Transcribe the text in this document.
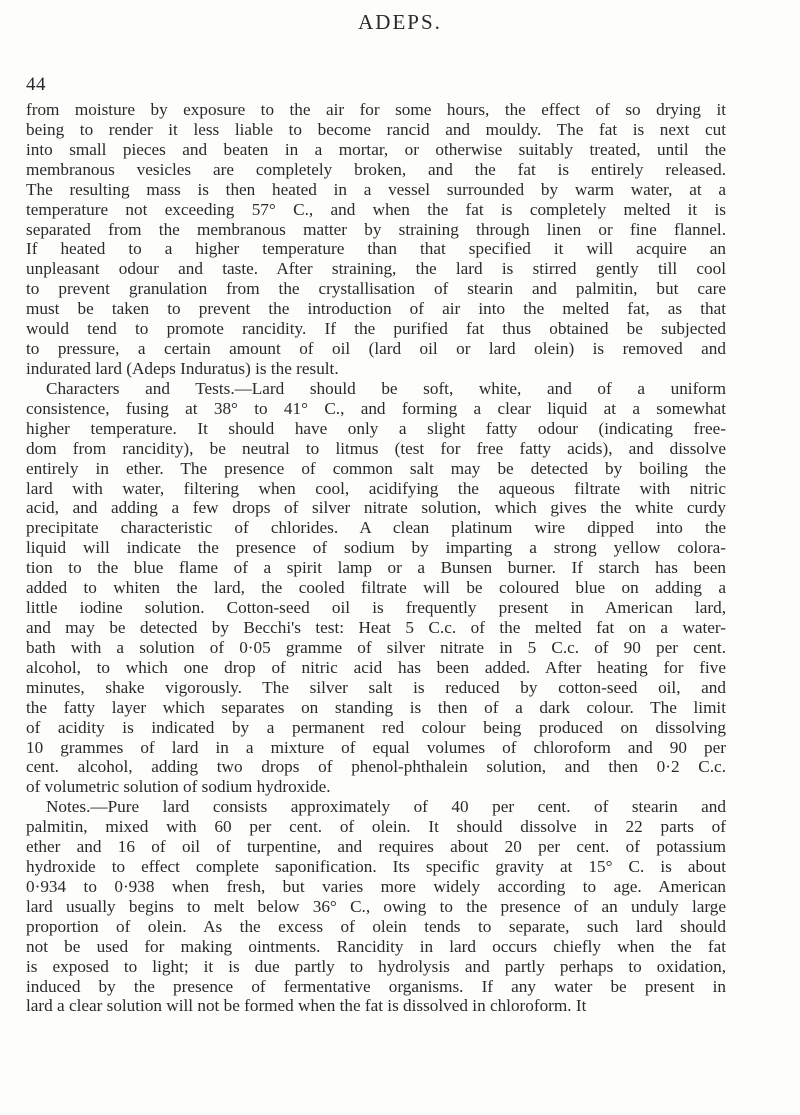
ADEPS.
44
from moisture by exposure to the air for some hours, the effect of so drying it
being to render it less liable to become rancid and mouldy. The fat is next cut
into small pieces and beaten in a mortar, or otherwise suitably treated, until the
membranous vesicles are completely broken, and the fat is entirely released.
The resulting mass is then heated in a vessel surrounded by warm water, at a
temperature not exceeding 57° C., and when the fat is completely melted it is
separated from the membranous matter by straining through linen or fine flannel.
If heated to a higher temperature than that specified it will acquire an
unpleasant odour and taste. After straining, the lard is stirred gently till cool
to prevent granulation from the crystallisation of stearin and palmitin, but care
must be taken to prevent the introduction of air into the melted fat, as that
would tend to promote rancidity. If the purified fat thus obtained be subjected
to pressure, a certain amount of oil (lard oil or lard olein) is removed and
indurated lard (Adeps Induratus) is the result.
Characters and Tests.—Lard should be soft, white, and of a uniform
consistence, fusing at 38° to 41° C., and forming a clear liquid at a somewhat
higher temperature. It should have only a slight fatty odour (indicating free-
dom from rancidity), be neutral to litmus (test for free fatty acids), and dissolve
entirely in ether. The presence of common salt may be detected by boiling the
lard with water, filtering when cool, acidifying the aqueous filtrate with nitric
acid, and adding a few drops of silver nitrate solution, which gives the white curdy
precipitate characteristic of chlorides. A clean platinum wire dipped into the
liquid will indicate the presence of sodium by imparting a strong yellow colora-
tion to the blue flame of a spirit lamp or a Bunsen burner. If starch has been
added to whiten the lard, the cooled filtrate will be coloured blue on adding a
little iodine solution. Cotton-seed oil is frequently present in American lard,
and may be detected by Becchi's test: Heat 5 C.c. of the melted fat on a water-
bath with a solution of 0·05 gramme of silver nitrate in 5 C.c. of 90 per cent.
alcohol, to which one drop of nitric acid has been added. After heating for five
minutes, shake vigorously. The silver salt is reduced by cotton-seed oil, and
the fatty layer which separates on standing is then of a dark colour. The limit
of acidity is indicated by a permanent red colour being produced on dissolving
10 grammes of lard in a mixture of equal volumes of chloroform and 90 per
cent. alcohol, adding two drops of phenol-phthalein solution, and then 0·2 C.c.
of volumetric solution of sodium hydroxide.
Notes.—Pure lard consists approximately of 40 per cent. of stearin and
palmitin, mixed with 60 per cent. of olein. It should dissolve in 22 parts of
ether and 16 of oil of turpentine, and requires about 20 per cent. of potassium
hydroxide to effect complete saponification. Its specific gravity at 15° C. is about
0·934 to 0·938 when fresh, but varies more widely according to age. American
lard usually begins to melt below 36° C., owing to the presence of an unduly large
proportion of olein. As the excess of olein tends to separate, such lard should
not be used for making ointments. Rancidity in lard occurs chiefly when the fat
is exposed to light; it is due partly to hydrolysis and partly perhaps to oxidation,
induced by the presence of fermentative organisms. If any water be present in
lard a clear solution will not be formed when the fat is dissolved in chloroform. It
